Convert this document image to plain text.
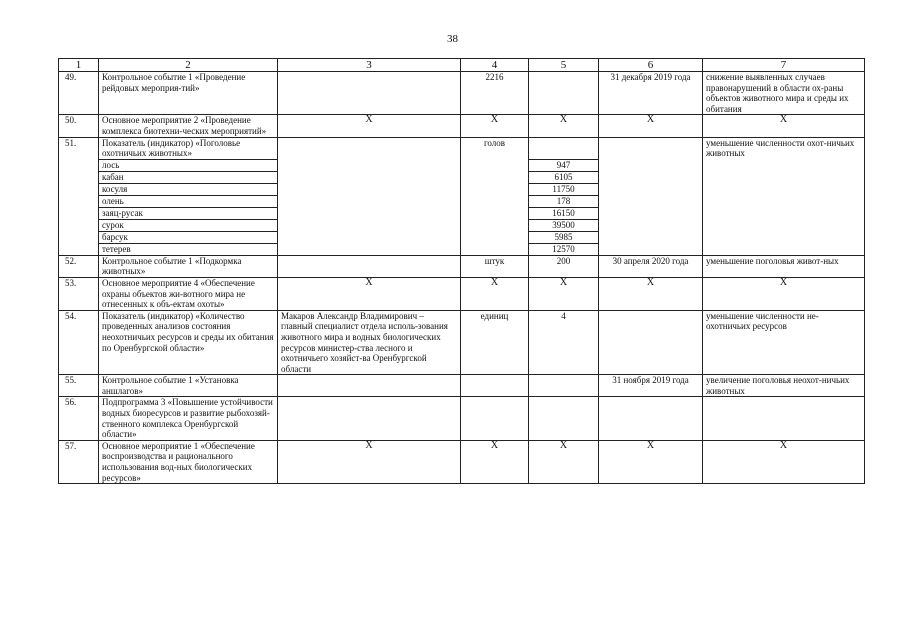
38
1	2	3	4	5	6	7
49.	Контрольное событие 1 «Проведение рейдовых мероприя-тий»		2216		31 декабря 2019 года	снижение выявленных случаев правонарушений в области ох-раны объектов животного мира и среды их обитания
50.	Основное мероприятие 2 «Проведение комплекса биотехни-ческих мероприятий»	X	X	X	X	X
51.	Показатель (индикатор) «Поголовье охотничьих животных»		голов			уменьшение численности охот-ничьих животных
	лось			947		
	кабан			6105		
	косуля			11750		
	олень			178		
	заяц-русак			16150		
	сурок			39500		
	барсук			5985		
	тетерев			12570		
52.	Контрольное событие 1 «Подкормка животных»		штук	200	30 апреля 2020 года	уменьшение поголовья живот-ных
53.	Основное мероприятие 4 «Обеспечение охраны объектов жи-вотного мира не отнесенных к объ-ектам охоты»	X	X	X	X	X
54.	Показатель (индикатор) «Количество проведенных анализов состояния неохотничьих ресурсов и среды их обитания по Оренбургской области»	Макаров Александр Владимирович – главный специалист отдела исполь-зования животного мира и водных биологических ресурсов министер-ства лесного и охотничьего хозяйст-ва Оренбургской области	единиц	4		уменьшение численности не-охотничьих ресурсов
55.	Контрольное событие 1 «Установка аншлагов»				31 ноября 2019 года	увеличение поголовья неохот-ничьих животных
56.	Подпрограмма 3 «Повышение устойчивости водных биоресурсов и развитие рыбохозяй-ственного комплекса Оренбургской области»					
57.	Основное мероприятие 1 «Обеспечение воспроизводства и рационального использования вод-ных биологических ресурсов»	X	X	X	X	X
